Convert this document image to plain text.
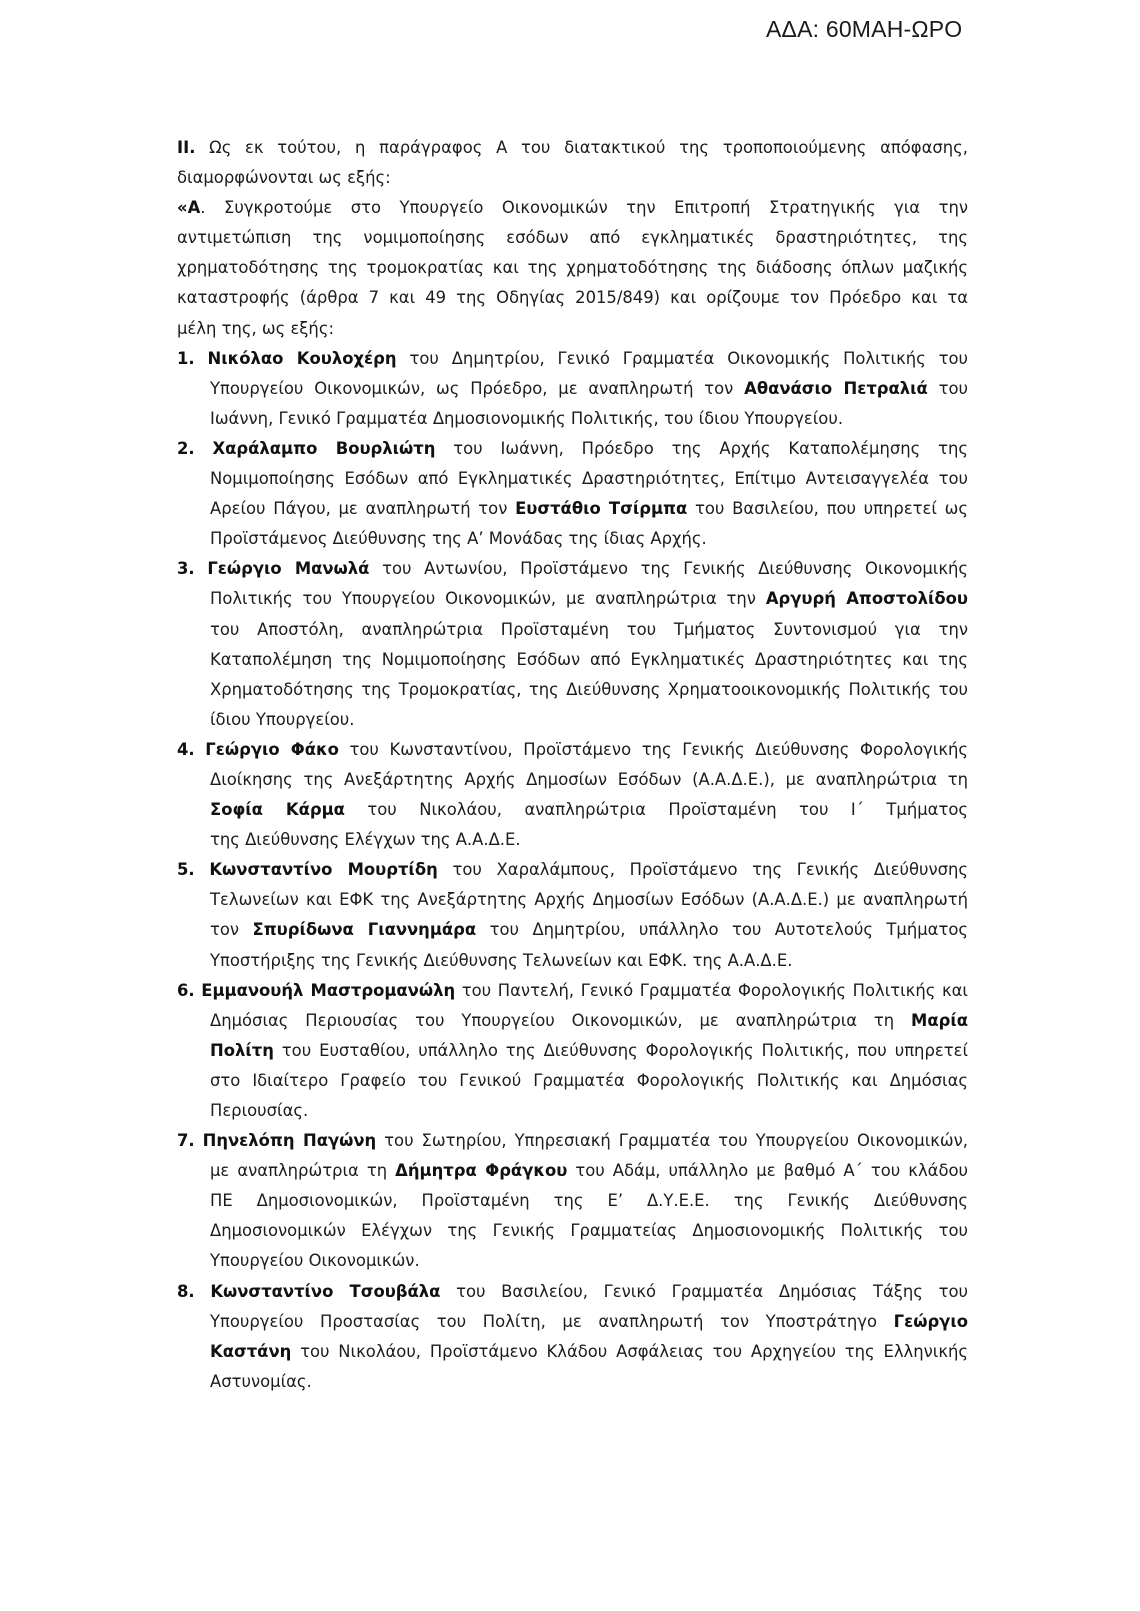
ΑΔΑ: 60ΜΑΗ-ΩΡΟ
II. Ως εκ τούτου, η παράγραφος Α του διατακτικού της τροποποιούμενης απόφασης,
διαμορφώνονται ως εξής:
«Α. Συγκροτούμε στο Υπουργείο Οικονομικών την Επιτροπή Στρατηγικής για την
αντιμετώπιση της νομιμοποίησης εσόδων από εγκληματικές δραστηριότητες, της
χρηματοδότησης της τρομοκρατίας και της χρηματοδότησης της διάδοσης όπλων μαζικής
καταστροφής (άρθρα 7 και 49 της Οδηγίας 2015/849) και ορίζουμε τον Πρόεδρο και τα
μέλη της, ως εξής:
1. Νικόλαο Κουλοχέρη του Δημητρίου, Γενικό Γραμματέα Οικονομικής Πολιτικής του
Υπουργείου Οικονομικών, ως Πρόεδρο, με αναπληρωτή τον Αθανάσιο Πετραλιά του
Ιωάννη, Γενικό Γραμματέα Δημοσιονομικής Πολιτικής, του ίδιου Υπουργείου.
2. Χαράλαμπο Βουρλιώτη του Ιωάννη, Πρόεδρο της Αρχής Καταπολέμησης της
Νομιμοποίησης Εσόδων από Εγκληματικές Δραστηριότητες, Επίτιμο Αντεισαγγελέα του
Αρείου Πάγου, με αναπληρωτή τον Ευστάθιο Τσίρμπα του Βασιλείου, που υπηρετεί ως
Προϊστάμενος Διεύθυνσης της Α’ Μονάδας της ίδιας Αρχής.
3. Γεώργιο Μανωλά του Αντωνίου, Προϊστάμενο της Γενικής Διεύθυνσης Οικονομικής
Πολιτικής του Υπουργείου Οικονομικών, με αναπληρώτρια την Αργυρή Αποστολίδου
του Αποστόλη, αναπληρώτρια Προϊσταμένη του Τμήματος Συντονισμού για την
Καταπολέμηση της Νομιμοποίησης Εσόδων από Εγκληματικές Δραστηριότητες και της
Χρηματοδότησης της Τρομοκρατίας, της Διεύθυνσης Χρηματοοικονομικής Πολιτικής του
ίδιου Υπουργείου.
4. Γεώργιο Φάκο του Κωνσταντίνου, Προϊστάμενο της Γενικής Διεύθυνσης Φορολογικής
Διοίκησης της Ανεξάρτητης Αρχής Δημοσίων Εσόδων (Α.Α.Δ.Ε.), με αναπληρώτρια τη
Σοφία Κάρμα του Νικολάου, αναπληρώτρια Προϊσταμένη του Ι΄ Τμήματος
της Διεύθυνσης Ελέγχων της Α.Α.Δ.Ε.
5. Κωνσταντίνο Μουρτίδη του Χαραλάμπους, Προϊστάμενο της Γενικής Διεύθυνσης
Τελωνείων και ΕΦΚ της Ανεξάρτητης Αρχής Δημοσίων Εσόδων (Α.Α.Δ.Ε.) με αναπληρωτή
τον Σπυρίδωνα Γιαννημάρα του Δημητρίου, υπάλληλο του Αυτοτελούς Τμήματος
Υποστήριξης της Γενικής Διεύθυνσης Τελωνείων και ΕΦΚ. της Α.Α.Δ.Ε.
6. Εμμανουήλ Μαστρομανώλη του Παντελή, Γενικό Γραμματέα Φορολογικής Πολιτικής και
Δημόσιας Περιουσίας του Υπουργείου Οικονομικών, με αναπληρώτρια τη Μαρία
Πολίτη του Ευσταθίου, υπάλληλο της Διεύθυνσης Φορολογικής Πολιτικής, που υπηρετεί
στο Ιδιαίτερο Γραφείο του Γενικού Γραμματέα Φορολογικής Πολιτικής και Δημόσιας
Περιουσίας.
7. Πηνελόπη Παγώνη του Σωτηρίου, Υπηρεσιακή Γραμματέα του Υπουργείου Οικονομικών,
με αναπληρώτρια τη Δήμητρα Φράγκου του Αδάμ, υπάλληλο με βαθμό Α΄ του κλάδου
ΠΕ Δημοσιονομικών, Προϊσταμένη της Ε’ Δ.Υ.Ε.Ε. της Γενικής Διεύθυνσης
Δημοσιονομικών Ελέγχων της Γενικής Γραμματείας Δημοσιονομικής Πολιτικής του
Υπουργείου Οικονομικών.
8. Κωνσταντίνο Τσουβάλα του Βασιλείου, Γενικό Γραμματέα Δημόσιας Τάξης του
Υπουργείου Προστασίας του Πολίτη, με αναπληρωτή τον Υποστράτηγο Γεώργιο
Καστάνη του Νικολάου, Προϊστάμενο Κλάδου Ασφάλειας του Αρχηγείου της Ελληνικής
Αστυνομίας.
